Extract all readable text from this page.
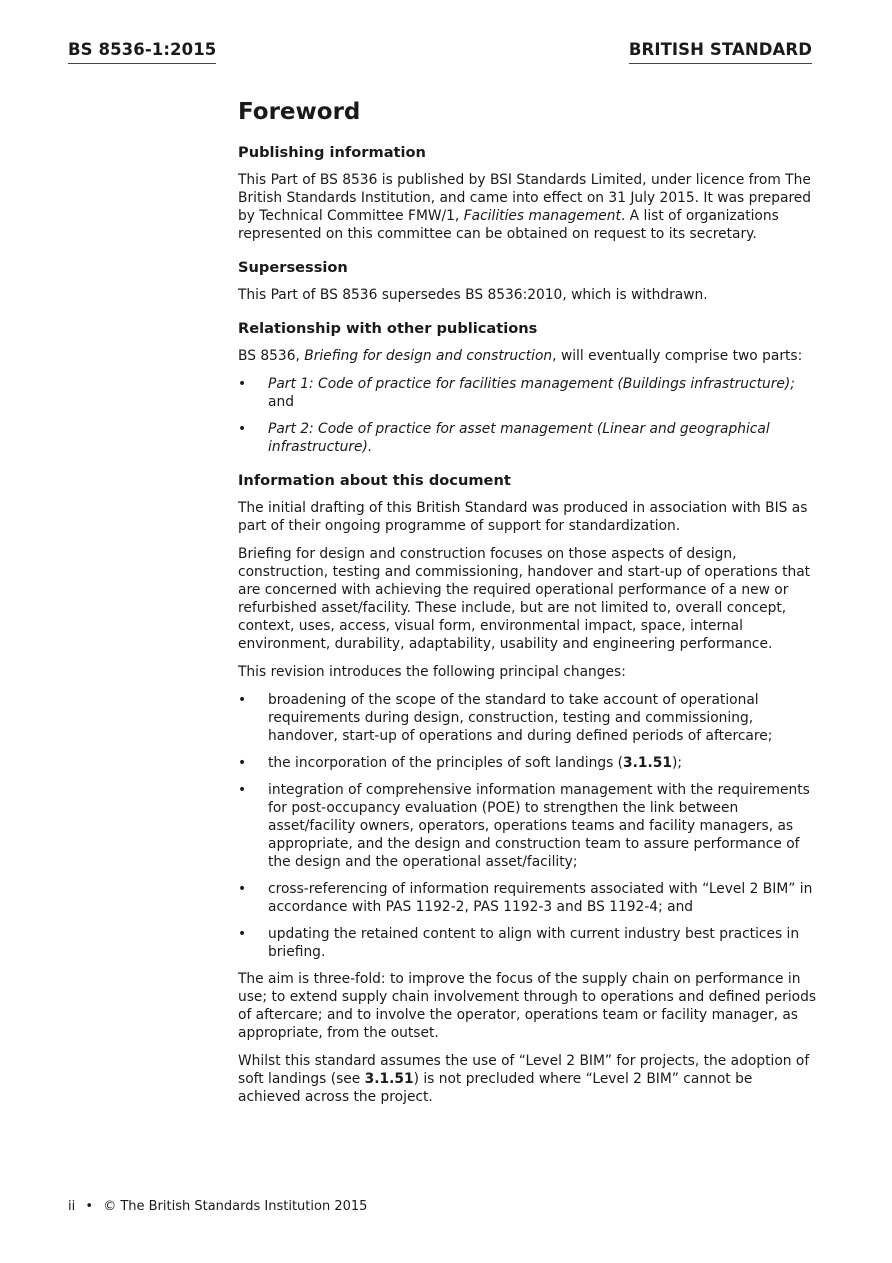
BS 8536-1:2015	BRITISH STANDARD
Foreword
Publishing information

This Part of BS 8536 is published by BSI Standards Limited, under licence from The British Standards Institution, and came into effect on 31 July 2015. It was prepared by Technical Committee FMW/1, Facilities management. A list of organizations represented on this committee can be obtained on request to its secretary.

Supersession

This Part of BS 8536 supersedes BS 8536:2010, which is withdrawn.

Relationship with other publications

BS 8536, Briefing for design and construction, will eventually comprise two parts:

• Part 1: Code of practice for facilities management (Buildings infrastructure); and
• Part 2: Code of practice for asset management (Linear and geographical infrastructure).
Information about this document

The initial drafting of this British Standard was produced in association with BIS as part of their ongoing programme of support for standardization.

Briefing for design and construction focuses on those aspects of design, construction, testing and commissioning, handover and start-up of operations that are concerned with achieving the required operational performance of a new or refurbished asset/facility. These include, but are not limited to, overall concept, context, uses, access, visual form, environmental impact, space, internal environment, durability, adaptability, usability and engineering performance.

This revision introduces the following principal changes:

• broadening of the scope of the standard to take account of operational requirements during design, construction, testing and commissioning, handover, start-up of operations and during defined periods of aftercare;
• the incorporation of the principles of soft landings (3.1.51);
• integration of comprehensive information management with the requirements for post-occupancy evaluation (POE) to strengthen the link between asset/facility owners, operators, operations teams and facility managers, as appropriate, and the design and construction team to assure performance of the design and the operational asset/facility;
• cross-referencing of information requirements associated with “Level 2 BIM” in accordance with PAS 1192-2, PAS 1192-3 and BS 1192-4; and
• updating the retained content to align with current industry best practices in briefing.

The aim is three-fold: to improve the focus of the supply chain on performance in use; to extend supply chain involvement through to operations and defined periods of aftercare; and to involve the operator, operations team or facility manager, as appropriate, from the outset.

Whilst this standard assumes the use of “Level 2 BIM” for projects, the adoption of soft landings (see 3.1.51) is not precluded where “Level 2 BIM” cannot be achieved across the project.

ii • © The British Standards Institution 2015
